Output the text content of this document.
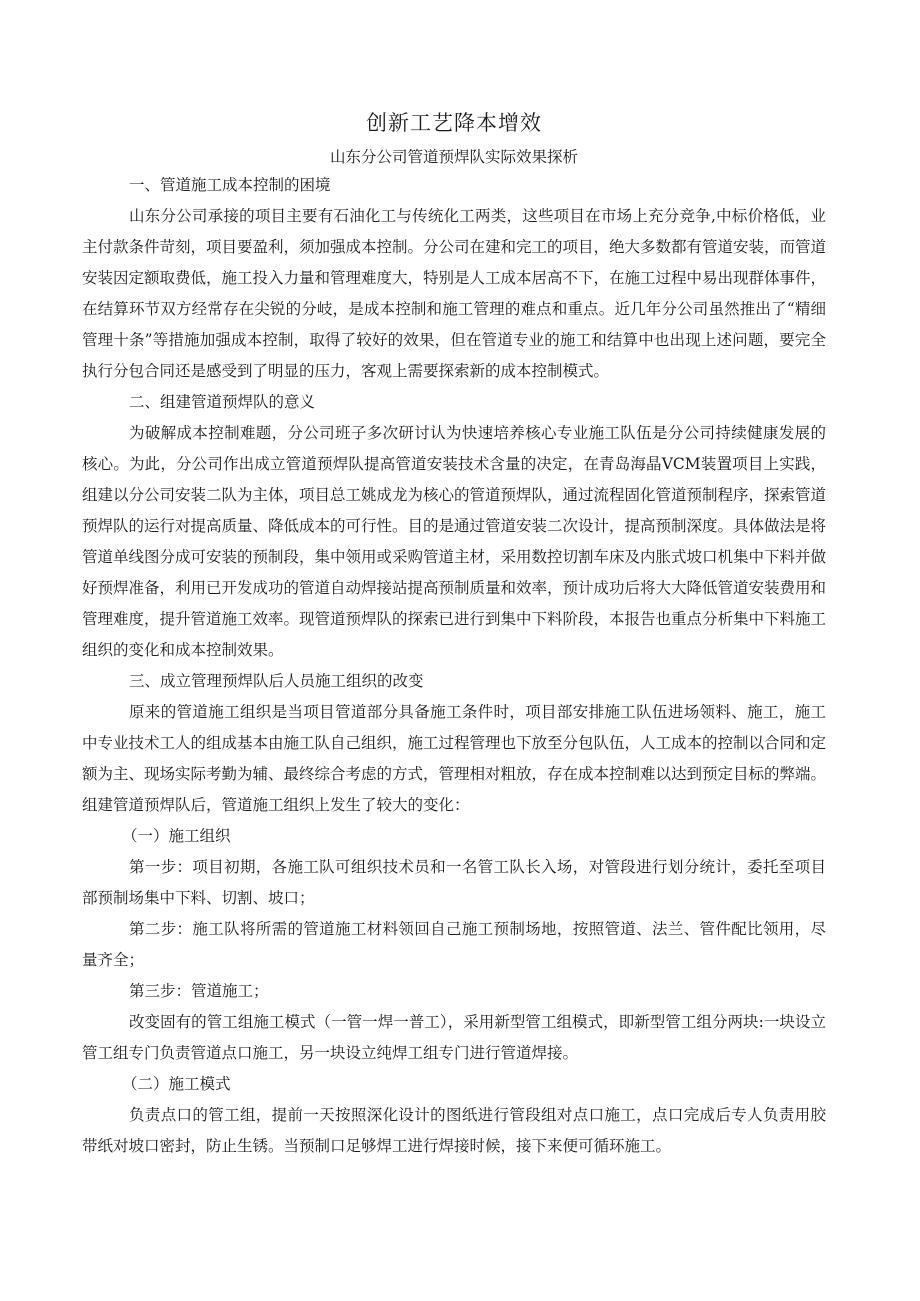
创新工艺降本增效

山东分公司管道预焊队实际效果探析

一、管道施工成本控制的困境

山东分公司承接的项目主要有石油化工与传统化工两类，这些项目在市场上充分竞争,中标价格低，业主付款条件苛刻，项目要盈利，须加强成本控制。分公司在建和完工的项目，绝大多数都有管道安装，而管道安装因定额取费低，施工投入力量和管理难度大，特别是人工成本居高不下，在施工过程中易出现群体事件，在结算环节双方经常存在尖锐的分岐，是成本控制和施工管理的难点和重点。近几年分公司虽然推出了“精细管理十条”等措施加强成本控制，取得了较好的效果，但在管道专业的施工和结算中也出现上述问题，要完全执行分包合同还是感受到了明显的压力，客观上需要探索新的成本控制模式。

二、组建管道预焊队的意义

为破解成本控制难题，分公司班子多次研讨认为快速培养核心专业施工队伍是分公司持续健康发展的核心。为此，分公司作出成立管道预焊队提高管道安装技术含量的决定，在青岛海晶VCM装置项目上实践，组建以分公司安装二队为主体，项目总工姚成龙为核心的管道预焊队，通过流程固化管道预制程序，探索管道预焊队的运行对提高质量、降低成本的可行性。目的是通过管道安装二次设计，提高预制深度。具体做法是将管道单线图分成可安装的预制段，集中领用或采购管道主材，采用数控切割车床及内胀式坡口机集中下料并做好预焊准备，利用已开发成功的管道自动焊接站提高预制质量和效率，预计成功后将大大降低管道安装费用和管理难度，提升管道施工效率。现管道预焊队的探索已进行到集中下料阶段，本报告也重点分析集中下料施工组织的变化和成本控制效果。

三、成立管理预焊队后人员施工组织的改变

原来的管道施工组织是当项目管道部分具备施工条件时，项目部安排施工队伍进场领料、施工，施工中专业技术工人的组成基本由施工队自己组织，施工过程管理也下放至分包队伍，人工成本的控制以合同和定额为主、现场实际考勤为辅、最终综合考虑的方式，管理相对粗放，存在成本控制难以达到预定目标的弊端。组建管道预焊队后，管道施工组织上发生了较大的变化：

（一）施工组织

第一步：项目初期，各施工队可组织技术员和一名管工队长入场，对管段进行划分统计，委托至项目部预制场集中下料、切割、坡口；

第二步：施工队将所需的管道施工材料领回自己施工预制场地，按照管道、法兰、管件配比领用，尽量齐全；

第三步：管道施工；

改变固有的管工组施工模式（一管一焊一普工），采用新型管工组模式，即新型管工组分两块:一块设立管工组专门负责管道点口施工，另一块设立纯焊工组专门进行管道焊接。

（二）施工模式

负责点口的管工组，提前一天按照深化设计的图纸进行管段组对点口施工，点口完成后专人负责用胶带纸对坡口密封，防止生锈。当预制口足够焊工进行焊接时候，接下来便可循环施工。
